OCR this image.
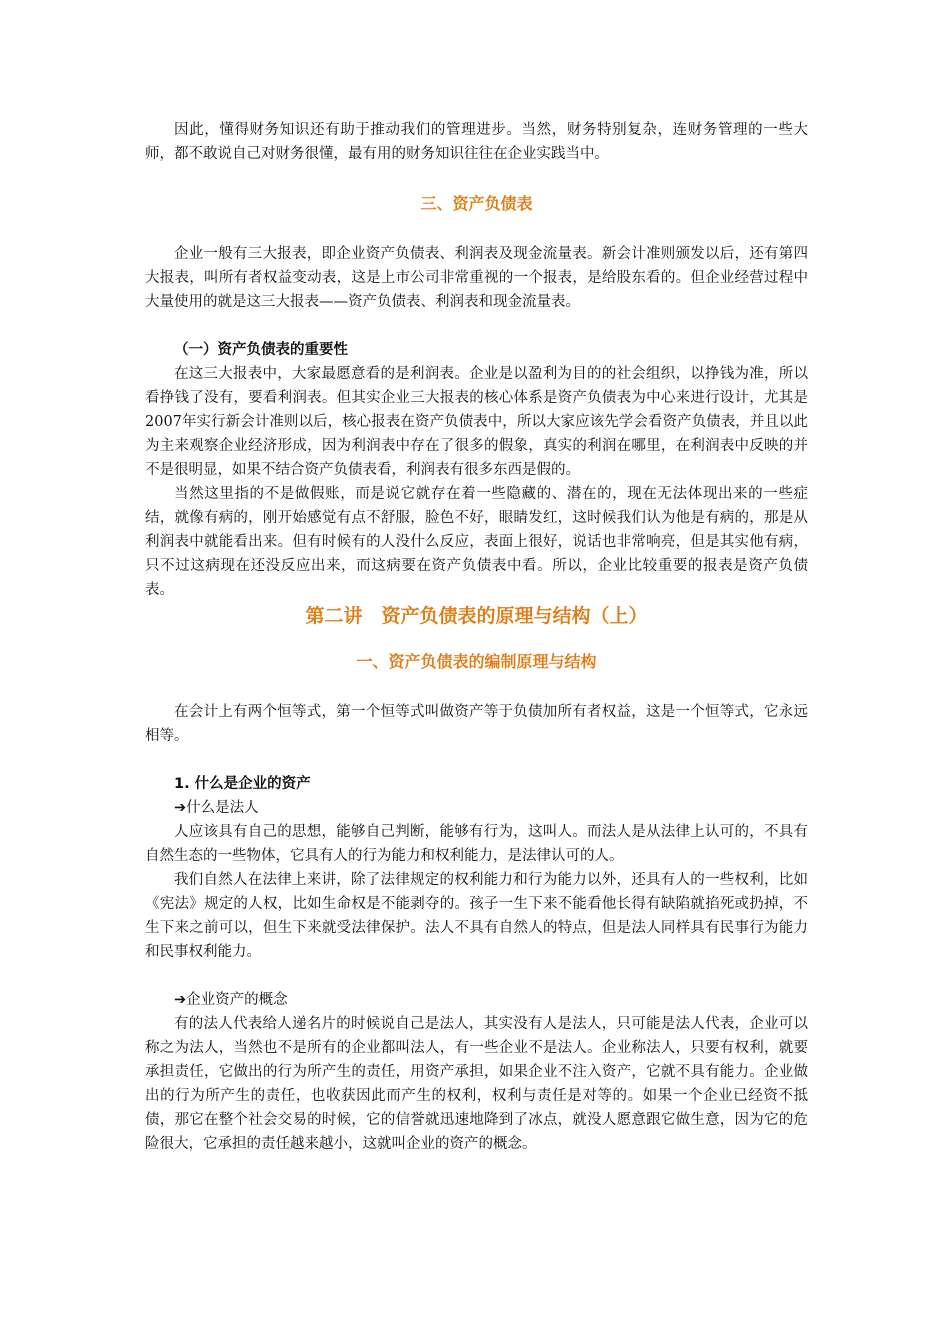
因此，懂得财务知识还有助于推动我们的管理进步。当然，财务特别复杂，连财务管理的一些大师，都不敢说自己对财务很懂，最有用的财务知识往往在企业实践当中。

三、资产负债表

企业一般有三大报表，即企业资产负债表、利润表及现金流量表。新会计准则颁发以后，还有第四大报表，叫所有者权益变动表，这是上市公司非常重视的一个报表，是给股东看的。但企业经营过程中大量使用的就是这三大报表——资产负债表、利润表和现金流量表。

（一）资产负债表的重要性

在这三大报表中，大家最愿意看的是利润表。企业是以盈利为目的的社会组织，以挣钱为准，所以看挣钱了没有，要看利润表。但其实企业三大报表的核心体系是资产负债表为中心来进行设计，尤其是2007年实行新会计准则以后，核心报表在资产负债表中，所以大家应该先学会看资产负债表，并且以此为主来观察企业经济形成，因为利润表中存在了很多的假象，真实的利润在哪里，在利润表中反映的并不是很明显，如果不结合资产负债表看，利润表有很多东西是假的。

当然这里指的不是做假账，而是说它就存在着一些隐藏的、潜在的，现在无法体现出来的一些症结，就像有病的，刚开始感觉有点不舒服，脸色不好，眼睛发红，这时候我们认为他是有病的，那是从利润表中就能看出来。但有时候有的人没什么反应，表面上很好，说话也非常响亮，但是其实他有病，只不过这病现在还没反应出来，而这病要在资产负债表中看。所以，企业比较重要的报表是资产负债表。

第二讲　资产负债表的原理与结构（上）

一、资产负债表的编制原理与结构

在会计上有两个恒等式，第一个恒等式叫做资产等于负债加所有者权益，这是一个恒等式，它永远相等。

1. 什么是企业的资产

➔什么是法人

人应该具有自己的思想，能够自己判断，能够有行为，这叫人。而法人是从法律上认可的，不具有自然生态的一些物体，它具有人的行为能力和权利能力，是法律认可的人。

我们自然人在法律上来讲，除了法律规定的权利能力和行为能力以外，还具有人的一些权利，比如《宪法》规定的人权，比如生命权是不能剥夺的。孩子一生下来不能看他长得有缺陷就掐死或扔掉，不生下来之前可以，但生下来就受法律保护。法人不具有自然人的特点，但是法人同样具有民事行为能力和民事权利能力。

➔企业资产的概念

有的法人代表给人递名片的时候说自己是法人，其实没有人是法人，只可能是法人代表，企业可以称之为法人，当然也不是所有的企业都叫法人，有一些企业不是法人。企业称法人，只要有权利，就要承担责任，它做出的行为所产生的责任，用资产承担，如果企业不注入资产，它就不具有能力。企业做出的行为所产生的责任，也收获因此而产生的权利，权利与责任是对等的。如果一个企业已经资不抵债，那它在整个社会交易的时候，它的信誉就迅速地降到了冰点，就没人愿意跟它做生意，因为它的危险很大，它承担的责任越来越小，这就叫企业的资产的概念。
